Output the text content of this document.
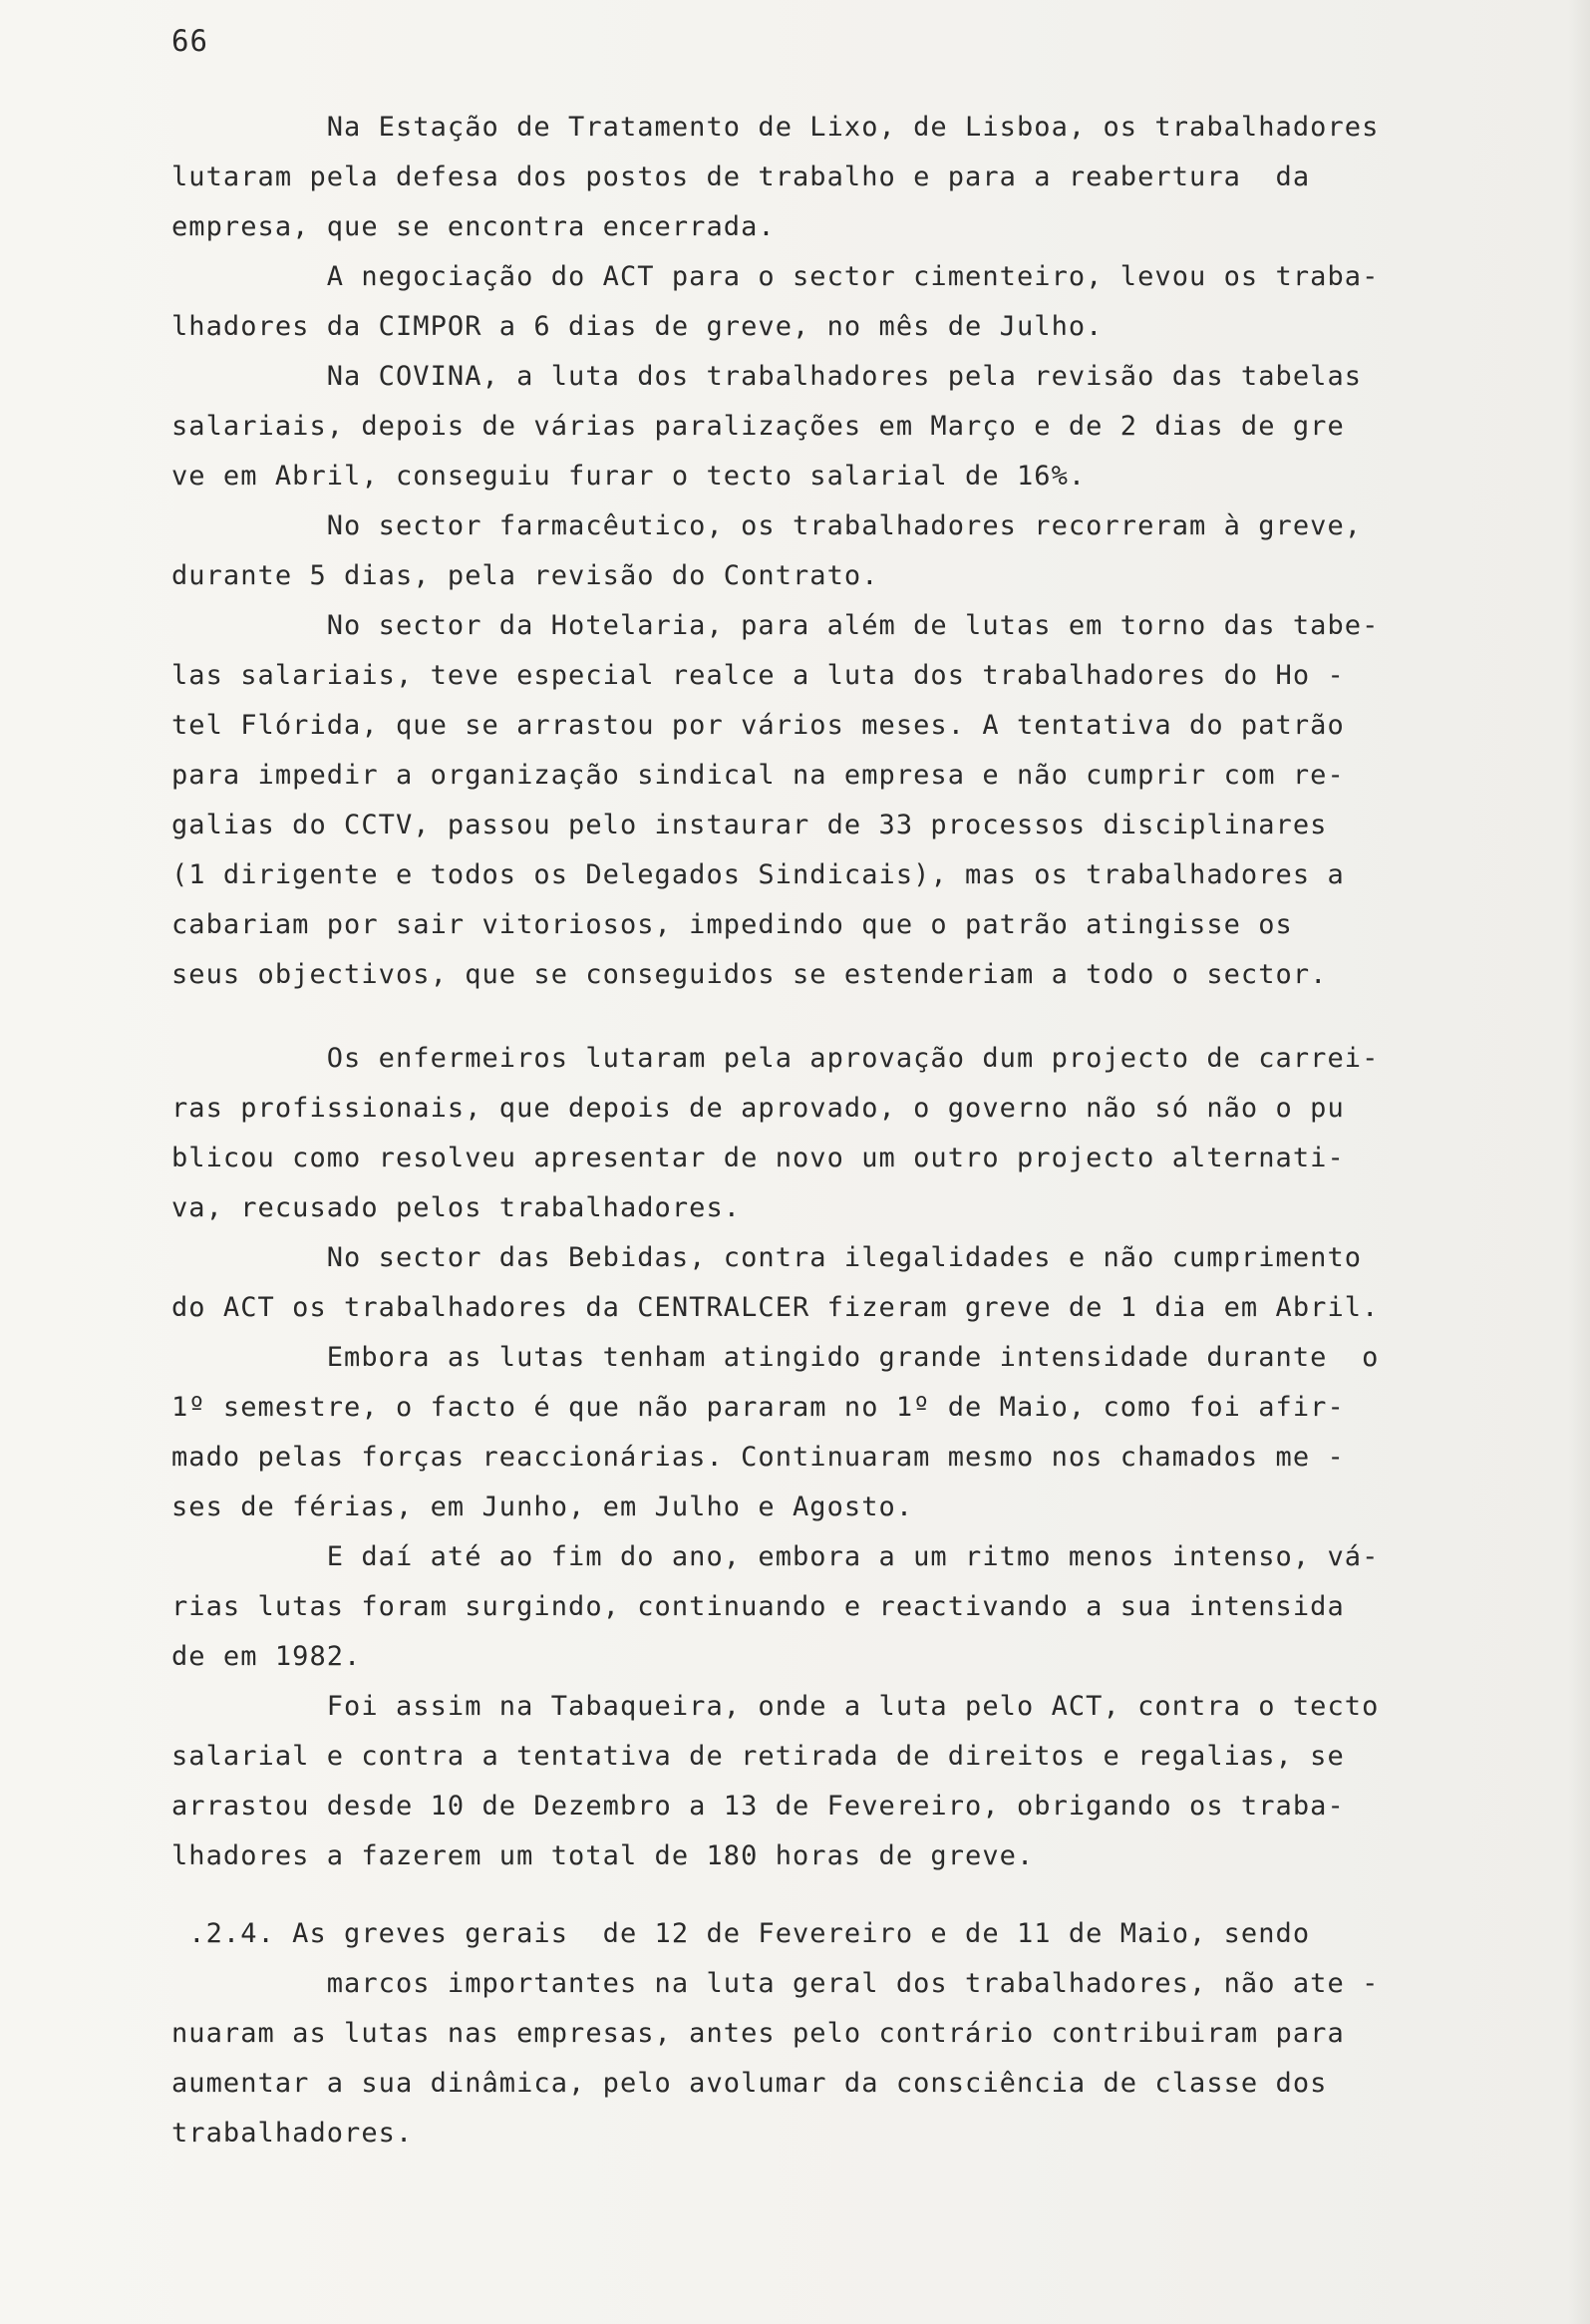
66
Na Estação de Tratamento de Lixo, de Lisboa, os trabalhadores
lutaram pela defesa dos postos de trabalho e para a reabertura  da
empresa, que se encontra encerrada.
A negociação do ACT para o sector cimenteiro, levou os traba-
lhadores da CIMPOR a 6 dias de greve, no mês de Julho.
Na COVINA, a luta dos trabalhadores pela revisão das tabelas
salariais, depois de várias paralizações em Março e de 2 dias de gre
ve em Abril, conseguiu furar o tecto salarial de 16%.
No sector farmacêutico, os trabalhadores recorreram à greve,
durante 5 dias, pela revisão do Contrato.
No sector da Hotelaria, para além de lutas em torno das tabe-
las salariais, teve especial realce a luta dos trabalhadores do Ho -
tel Flórida, que se arrastou por vários meses. A tentativa do patrão
para impedir a organização sindical na empresa e não cumprir com re-
galias do CCTV, passou pelo instaurar de 33 processos disciplinares
(1 dirigente e todos os Delegados Sindicais), mas os trabalhadores a
cabariam por sair vitoriosos, impedindo que o patrão atingisse os
seus objectivos, que se conseguidos se estenderiam a todo o sector.
Os enfermeiros lutaram pela aprovação dum projecto de carrei-
ras profissionais, que depois de aprovado, o governo não só não o pu
blicou como resolveu apresentar de novo um outro projecto alternati-
va, recusado pelos trabalhadores.
No sector das Bebidas, contra ilegalidades e não cumprimento
do ACT os trabalhadores da CENTRALCER fizeram greve de 1 dia em Abril.
Embora as lutas tenham atingido grande intensidade durante  o
1º semestre, o facto é que não pararam no 1º de Maio, como foi afir-
mado pelas forças reaccionárias. Continuaram mesmo nos chamados me -
ses de férias, em Junho, em Julho e Agosto.
E daí até ao fim do ano, embora a um ritmo menos intenso, vá-
rias lutas foram surgindo, continuando e reactivando a sua intensida
de em 1982.
Foi assim na Tabaqueira, onde a luta pelo ACT, contra o tecto
salarial e contra a tentativa de retirada de direitos e regalias, se
arrastou desde 10 de Dezembro a 13 de Fevereiro, obrigando os traba-
lhadores a fazerem um total de 180 horas de greve.
.2.4. As greves gerais  de 12 de Fevereiro e de 11 de Maio, sendo
marcos importantes na luta geral dos trabalhadores, não ate -
nuaram as lutas nas empresas, antes pelo contrário contribuiram para
aumentar a sua dinâmica, pelo avolumar da consciência de classe dos
trabalhadores.
